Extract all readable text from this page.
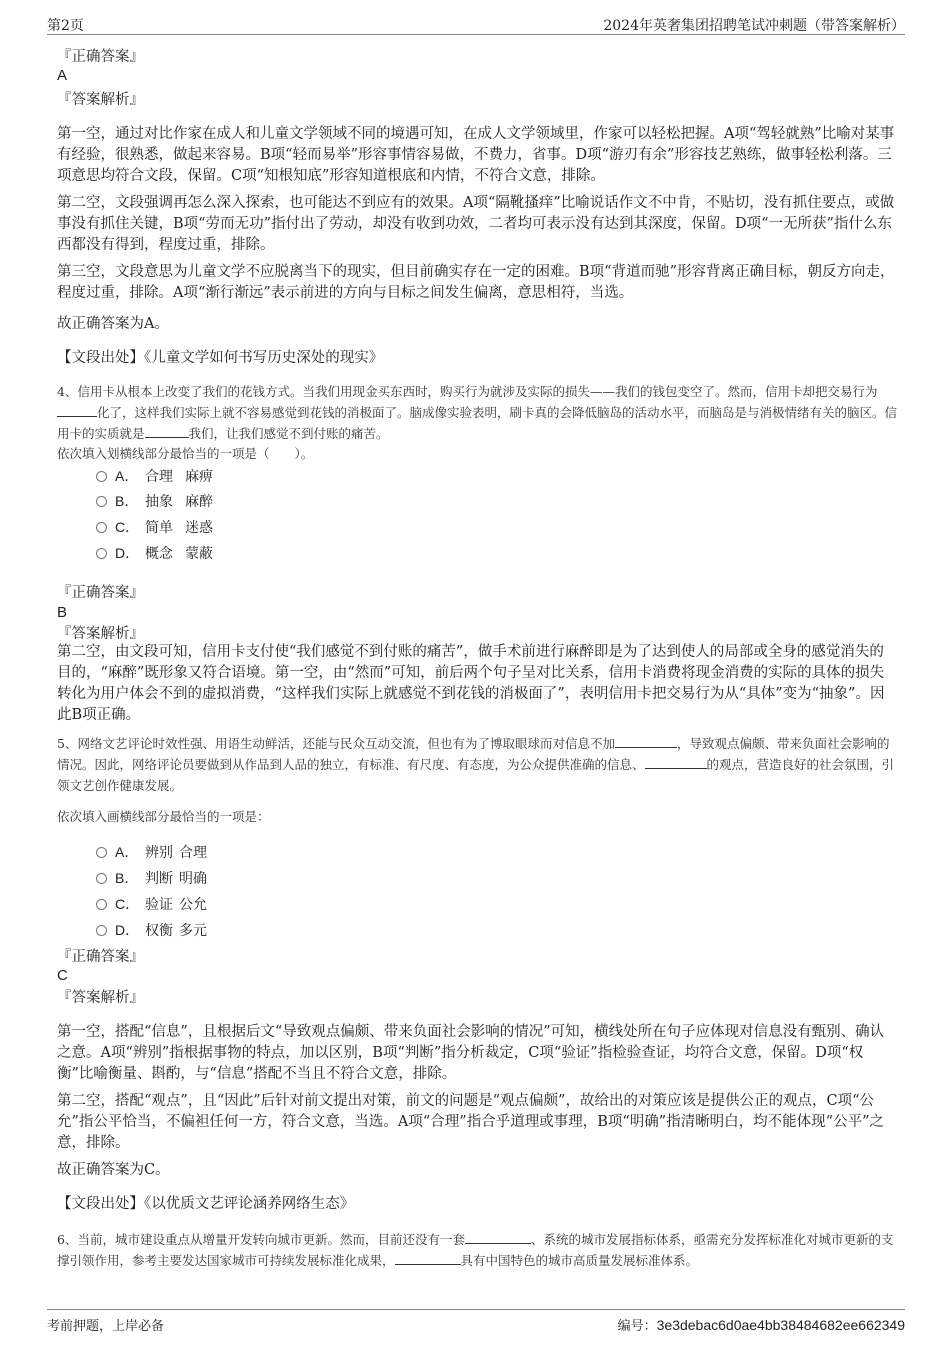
第2页	2024年英奢集团招聘笔试冲刺题（带答案解析）
『正确答案』
A
『答案解析』
第一空，通过对比作家在成人和儿童文学领域不同的境遇可知，在成人文学领域里，作家可以轻松把握。A项“驾轻就熟”比喻对某事有经验，很熟悉，做起来容易。B项“轻而易举”形容事情容易做，不费力，省事。D项“游刃有余”形容技艺熟练，做事轻松利落。三项意思均符合文段，保留。C项“知根知底”形容知道根底和内情，不符合文意，排除。
第二空，文段强调再怎么深入探索，也可能达不到应有的效果。A项“隔靴搔痒”比喻说话作文不中肯，不贴切，没有抓住要点，或做事没有抓住关键，B项“劳而无功”指付出了劳动，却没有收到功效，二者均可表示没有达到其深度，保留。D项“一无所获”指什么东西都没有得到，程度过重，排除。
第三空，文段意思为儿童文学不应脱离当下的现实，但目前确实存在一定的困难。B项“背道而驰”形容背离正确目标，朝反方向走，程度过重，排除。A项“渐行渐远”表示前进的方向与目标之间发生偏离，意思相符，当选。
故正确答案为A。
【文段出处】《儿童文学如何书写历史深处的现实》
4、信用卡从根本上改变了我们的花钱方式。当我们用现金买东西时，购买行为就涉及实际的损失——我们的钱包变空了。然而，信用卡却把交易行为化了，这样我们实际上就不容易感觉到花钱的消极面了。脑成像实验表明，刷卡真的会降低脑岛的活动水平，而脑岛是与消极情绪有关的脑区。信用卡的实质就是	我们，让我们感觉不到付账的痛苦。
依次填入划横线部分最恰当的一项是（　　）。
A． 合理 麻痹
B． 抽象 麻醉
C． 简单 迷惑
D． 概念 蒙蔽
『正确答案』
B
『答案解析』
第二空，由文段可知，信用卡支付使“我们感觉不到付账的痛苦”，做手术前进行麻醉即是为了达到使人的局部或全身的感觉消失的目的，“麻醉”既形象又符合语境。第一空，由“然而”可知，前后两个句子呈对比关系，信用卡消费将现金消费的实际的具体的损失转化为用户体会不到的虚拟消费，“这样我们实际上就感觉不到花钱的消极面了”，表明信用卡把交易行为从“具体”变为“抽象”。因此B项正确。
5、网络文艺评论时效性强、用语生动鲜活，还能与民众互动交流，但也有为了博取眼球而对信息不加	，导致观点偏颇、带来负面社会影响的情况。因此，网络评论员要做到从作品到人品的独立，有标准、有尺度、有态度，为公众提供准确的信息、	的观点，营造良好的社会氛围，引领文艺创作健康发展。
依次填入画横线部分最恰当的一项是：
A． 辨别 合理
B． 判断 明确
C． 验证 公允
D． 权衡 多元
『正确答案』
C
『答案解析』
第一空，搭配“信息”，且根据后文“导致观点偏颇、带来负面社会影响的情况”可知，横线处所在句子应体现对信息没有甄别、确认之意。A项“辨别”指根据事物的特点，加以区别，B项“判断”指分析裁定，C项“验证”指检验查证，均符合文意，保留。D项“权衡”比喻衡量、斟酌，与“信息”搭配不当且不符合文意，排除。
第二空，搭配“观点”，且“因此”后针对前文提出对策，前文的问题是“观点偏颇”，故给出的对策应该是提供公正的观点，C项“公允”指公平恰当，不偏袒任何一方，符合文意，当选。A项“合理”指合乎道理或事理，B项“明确”指清晰明白，均不能体现“公平”之意，排除。
故正确答案为C。
【文段出处】《以优质文艺评论涵养网络生态》
6、当前，城市建设重点从增量开发转向城市更新。然而，目前还没有一套	、系统的城市发展指标体系，亟需充分发挥标准化对城市更新的支撑引领作用，参考主要发达国家城市可持续发展标准化成果，	具有中国特色的城市高质量发展标准体系。
考前押题，上岸必备	编号：3e3debac6d0ae4bb38484682ee662349
